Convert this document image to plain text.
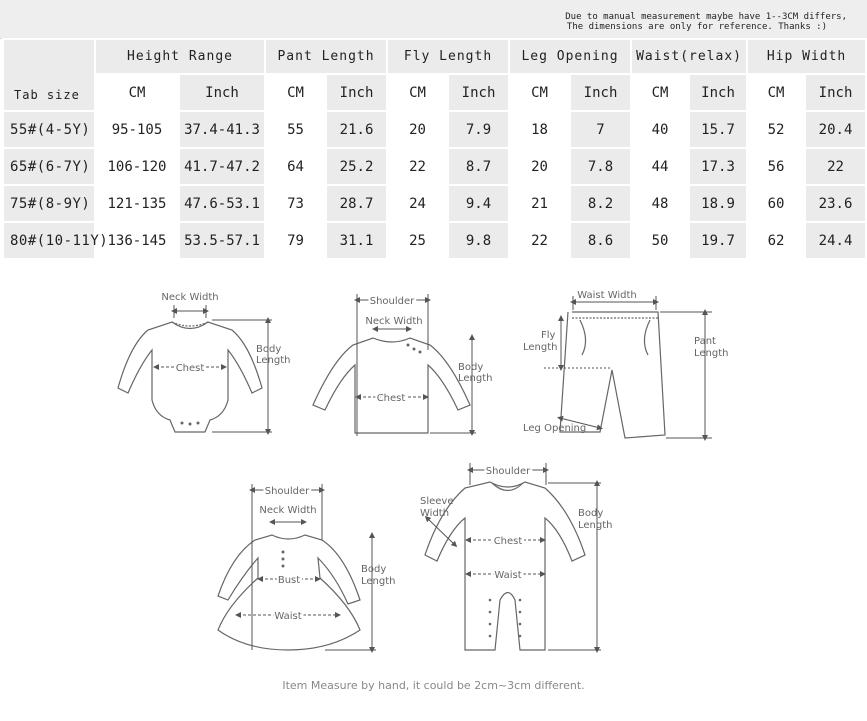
Due to manual measurement maybe have 1--3CM differs,
The dimensions are only for reference. Thanks :)
Tab size	Height Range		Pant Length		Fly Length		Leg Opening		Waist(relax)		Hip Width	
	CM	Inch	CM	Inch	CM	Inch	CM	Inch	CM	Inch	CM	Inch
55#(4-5Y)	95-105	37.4-41.3	55	21.6	20	7.9	18	7	40	15.7	52	20.4
65#(6-7Y)	106-120	41.7-47.2	64	25.2	22	8.7	20	7.8	44	17.3	56	22
75#(8-9Y)	121-135	47.6-53.1	73	28.7	24	9.4	21	8.2	48	18.9	60	23.6
80#(10-11Y)	136-145	53.5-57.1	79	31.1	25	9.8	22	8.6	50	19.7	62	24.4
Neck Width
Chest
Body
Length
Shoulder
Neck Width
Chest
Body
Length
Waist Width
Fly
Length
Pant
Length
Leg Opening
Shoulder
Neck Width
Bust
Waist
Body
Length
Shoulder
Sleeve
Width
Chest
Waist
Body
Length
Item Measure by hand, it could be 2cm~3cm different.
